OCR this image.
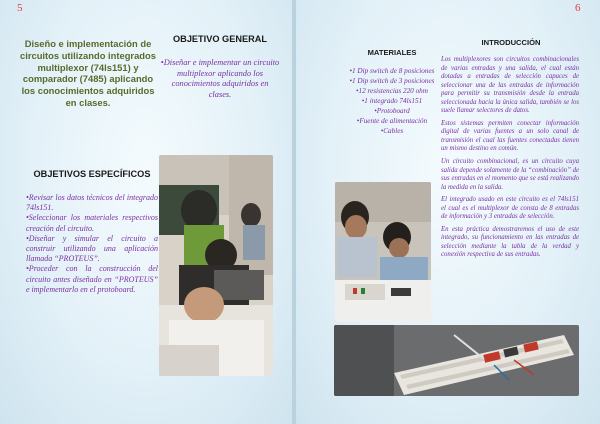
5
Diseño e implementación de circuitos utilizando integrados multiplexor (74ls151) y comparador (7485) aplicando los conocimientos adquiridos en clases.
OBJETIVO GENERAL
•Diseñar e implementar un circuito multiplexor aplicando los conocimientos adquiridos en clases.
OBJETIVOS ESPECÍFICOS

•Revisar los datos técnicos del integrado 74ls151.

•Seleccionar los materiales respectivos creación del circuito.

•Diseñar y simular el circuito a construir utilizando una aplicación llamada “PROTEUS”.

•Proceder con la construcción del circuito antes diseñado en “PROTEUS” e implementarlo en el protoboard.

6
MATERIALES
•1 Dip switch de 8 posiciones
•1 Dip switch de 3 posiciones
•12 resistencias 220 ohm
•1 integrado 74ls151
•Protoboard
•Fuente de alimentación
•Cables
INTRODUCCIÓN

Los multiplexores son circuitos combinacionales de varias entradas y una salida, el cual están dotadas a entradas de selección capaces de seleccionar una de las entradas de información para permitir su transmisión desde la entrada seleccionada hacia la única salida, también se los suele llamar selectores de datos.

Estos sistemas permiten conectar información digital de varias fuentes a un solo canal de transmisión el cual las fuentes conectadas tienen un mismo destino en común.

Un circuito combinacional, es un circuito cuya salida depende solamente de la “combinación” de sus entradas en el momento que se está realizando la medida en la salida.

El integrado usado en este circuito es el 74ls151 el cual es el multiplexor de consta de 8 entradas de información y 3 entradas de selección.

En esta práctica demostraremos el uso de este integrado, su funcionamiento en las entradas de selección mediante la tabla de la verdad y conexión respectiva de sus entradas.
